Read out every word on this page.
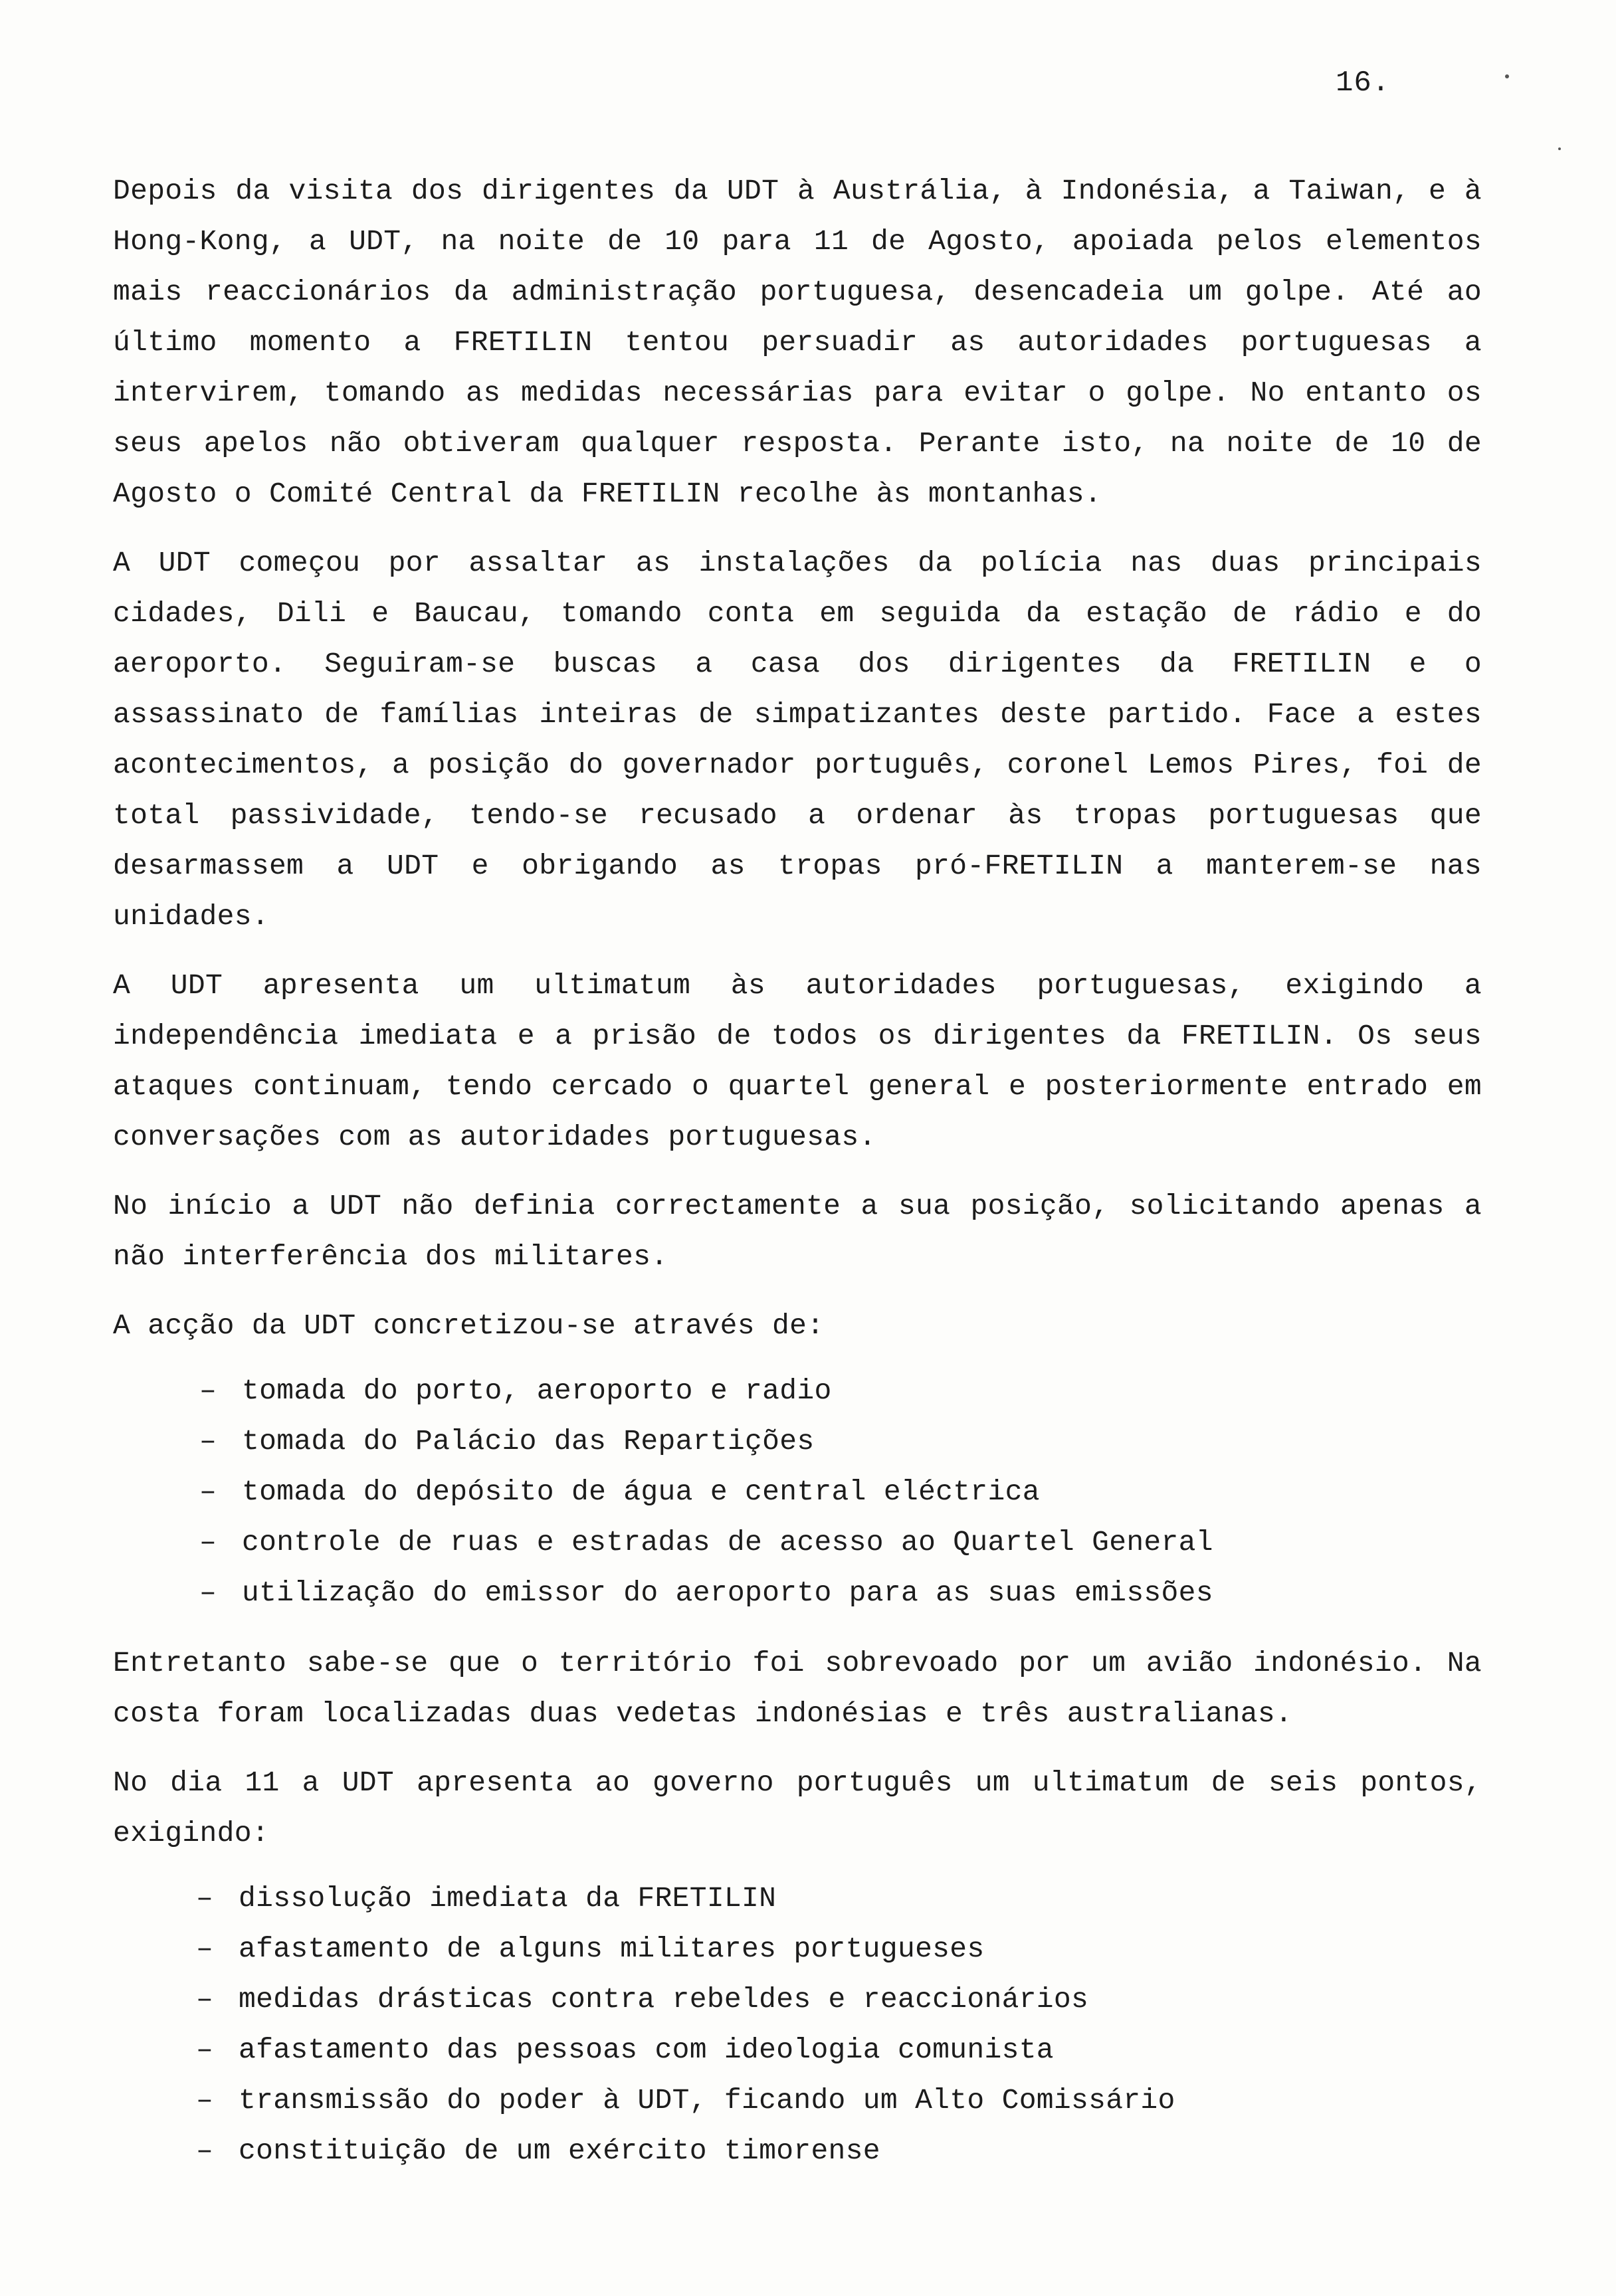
16.

Depois da visita dos dirigentes da UDT à Austrália, à Indonésia, a Taiwan, e à Hong-Kong, a UDT, na noite de 10 para 11 de Agosto, apoiada pelos elementos mais reaccionários da administração portuguesa, desencadeia um golpe. Até ao último momento a FRETILIN tentou persuadir as autoridades portuguesas a intervirem, tomando as medidas necessárias para evitar o golpe. No entanto os seus apelos não obtiveram qualquer resposta. Perante isto, na noite de 10 de Agosto o Comité Central da FRETILIN recolhe às montanhas.

A UDT começou por assaltar as instalações da polícia nas duas principais cidades, Dili e Baucau, tomando conta em seguida da estação de rádio e do aeroporto. Seguiram-se buscas a casa dos dirigentes da FRETILIN e o assassinato de famílias inteiras de simpatizantes deste partido. Face a estes acontecimentos, a posição do governador português, coronel Lemos Pires, foi de total passividade, tendo-se recusado a ordenar às tropas portuguesas que desarmassem a UDT e obrigando as tropas pró-FRETILIN a manterem-se nas unidades.

A UDT apresenta um ultimatum às autoridades portuguesas, exigindo a independência imediata e a prisão de todos os dirigentes da FRETILIN. Os seus ataques continuam, tendo cercado o quartel general e posteriormente entrado em conversações com as autoridades portuguesas.

No início a UDT não definia correctamente a sua posição, solicitando apenas a não interferência dos militares.

A acção da UDT concretizou-se através de:

– tomada do porto, aeroporto e radio
– tomada do Palácio das Repartições
– tomada do depósito de água e central eléctrica
– controle de ruas e estradas de acesso ao Quartel General
– utilização do emissor do aeroporto para as suas emissões

Entretanto sabe-se que o território foi sobrevoado por um avião indonésio. Na costa foram localizadas duas vedetas indonésias e três australianas.

No dia 11 a UDT apresenta ao governo português um ultimatum de seis pontos, exigindo:

– dissolução imediata da FRETILIN
– afastamento de alguns militares portugueses
– medidas drásticas contra rebeldes e reaccionários
– afastamento das pessoas com ideologia comunista
– transmissão do poder à UDT, ficando um Alto Comissário
– constituição de um exército timorense
